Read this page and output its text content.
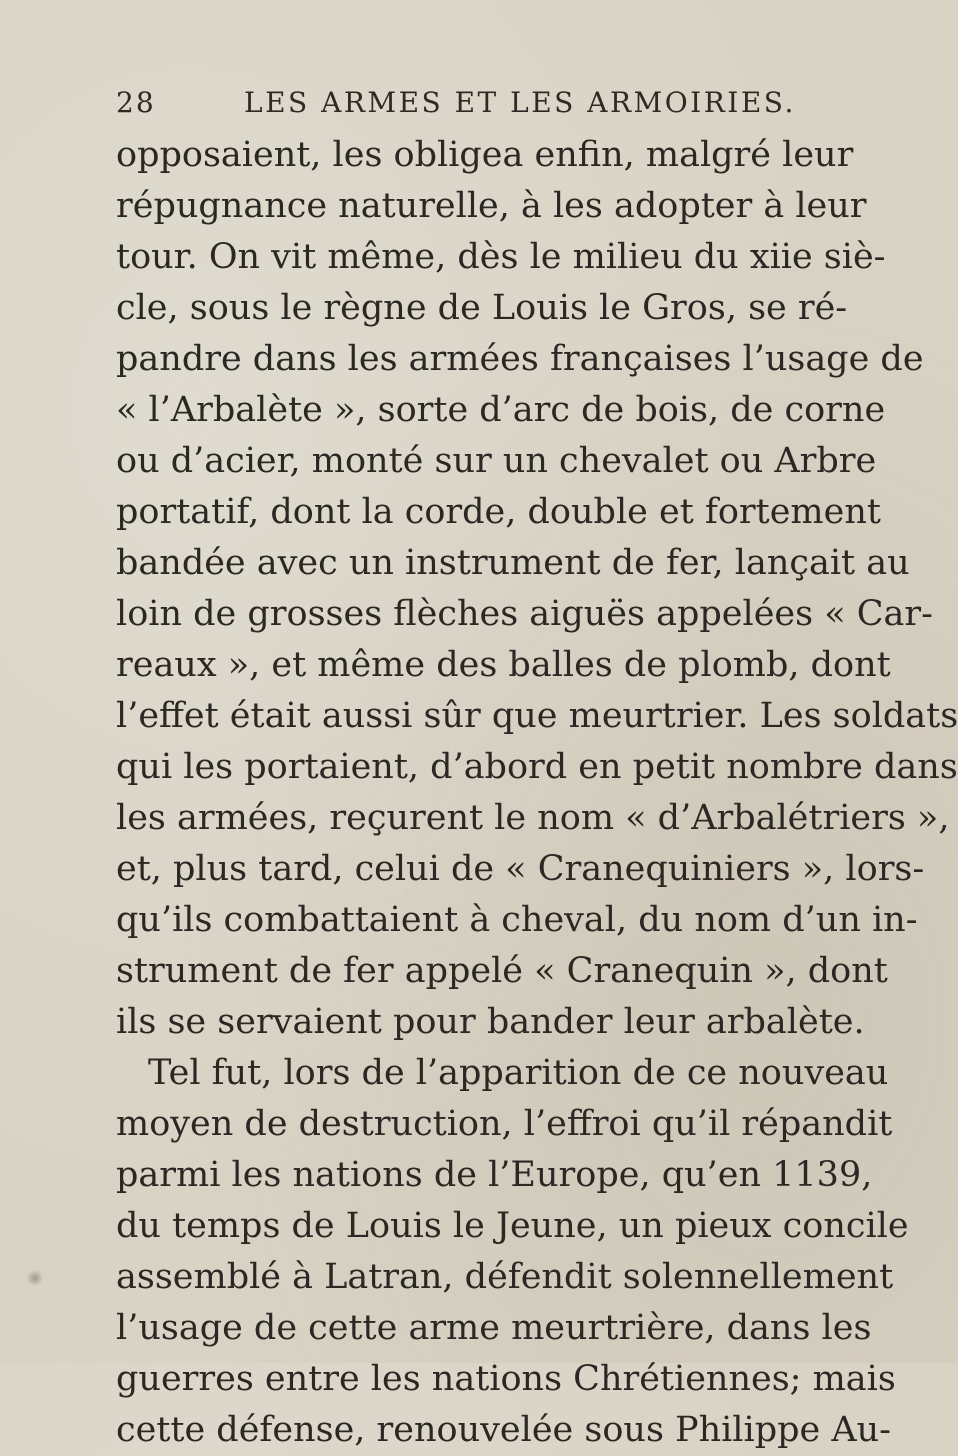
28	LES ARMES ET LES ARMOIRIES.
opposaient, les obligea enfin, malgré leur
répugnance naturelle, à les adopter à leur
tour. On vit même, dès le milieu du xiie siè-
cle, sous le règne de Louis le Gros, se ré-
pandre dans les armées françaises l’usage de
« l’Arbalète », sorte d’arc de bois, de corne
ou d’acier, monté sur un chevalet ou Arbre
portatif, dont la corde, double et fortement
bandée avec un instrument de fer, lançait au
loin de grosses flèches aiguës appelées « Car-
reaux », et même des balles de plomb, dont
l’effet était aussi sûr que meurtrier. Les soldats
qui les portaient, d’abord en petit nombre dans
les armées, reçurent le nom « d’Arbalétriers »,
et, plus tard, celui de « Cranequiniers », lors-
qu’ils combattaient à cheval, du nom d’un in-
strument de fer appelé « Cranequin », dont
ils se servaient pour bander leur arbalète.
Tel fut, lors de l’apparition de ce nouveau
moyen de destruction, l’effroi qu’il répandit
parmi les nations de l’Europe, qu’en 1139,
du temps de Louis le Jeune, un pieux concile
assemblé à Latran, défendit solennellement
l’usage de cette arme meurtrière, dans les
guerres entre les nations Chrétiennes; mais
cette défense, renouvelée sous Philippe Au-
